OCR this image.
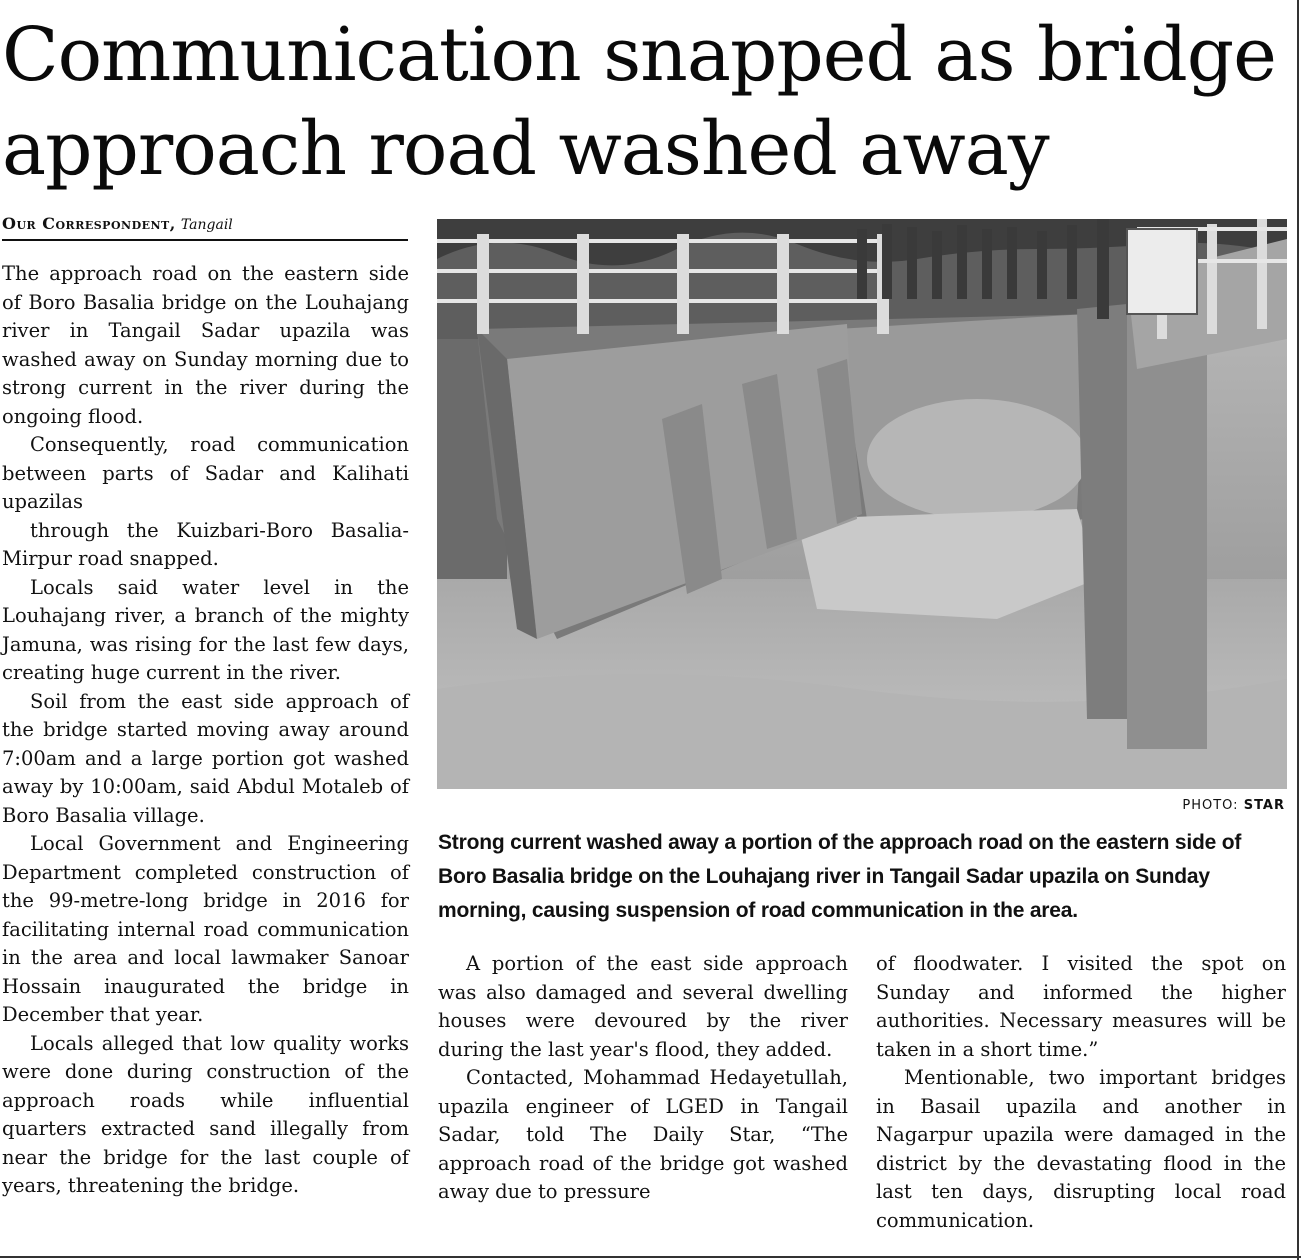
Communication snapped as bridge approach road washed away
Our Correspondent, Tangail

The approach road on the eastern side of Boro Basalia bridge on the Louhajang river in Tangail Sadar upazila was washed away on Sunday morning due to strong current in the river during the ongoing flood.

Consequently, road communication between parts of Sadar and Kalihati upazilas

through the Kuizbari-Boro Basalia-Mirpur road snapped.

Locals said water level in the Louhajang river, a branch of the mighty Jamuna, was rising for the last few days, creating huge current in the river.

Soil from the east side approach of the bridge started moving away around 7:00am and a large portion got washed away by 10:00am, said Abdul Motaleb of Boro Basalia village.

Local Government and Engineering Department completed construction of the 99-metre-long bridge in 2016 for facilitating internal road communication in the area and local lawmaker Sanoar Hossain inaugurated the bridge in December that year.

Locals alleged that low quality works were done during construction of the approach roads while influential quarters extracted sand illegally from near the bridge for the last couple of years, threatening the bridge.

PHOTO: STAR
Strong current washed away a portion of the approach road on the eastern side of Boro Basalia bridge on the Louhajang river in Tangail Sadar upazila on Sunday morning, causing suspension of road communication in the area.

A portion of the east side approach was also damaged and several dwelling houses were devoured by the river during the last year's flood, they added.

Contacted, Mohammad Hedayetullah, upazila engineer of LGED in Tangail Sadar, told The Daily Star, “The approach road of the bridge got washed away due to pressure

of floodwater. I visited the spot on Sunday and informed the higher authorities. Necessary measures will be taken in a short time.”

Mentionable, two important bridges in Basail upazila and another in Nagarpur upazila were damaged in the district by the devastating flood in the last ten days, disrupting local road communication.
